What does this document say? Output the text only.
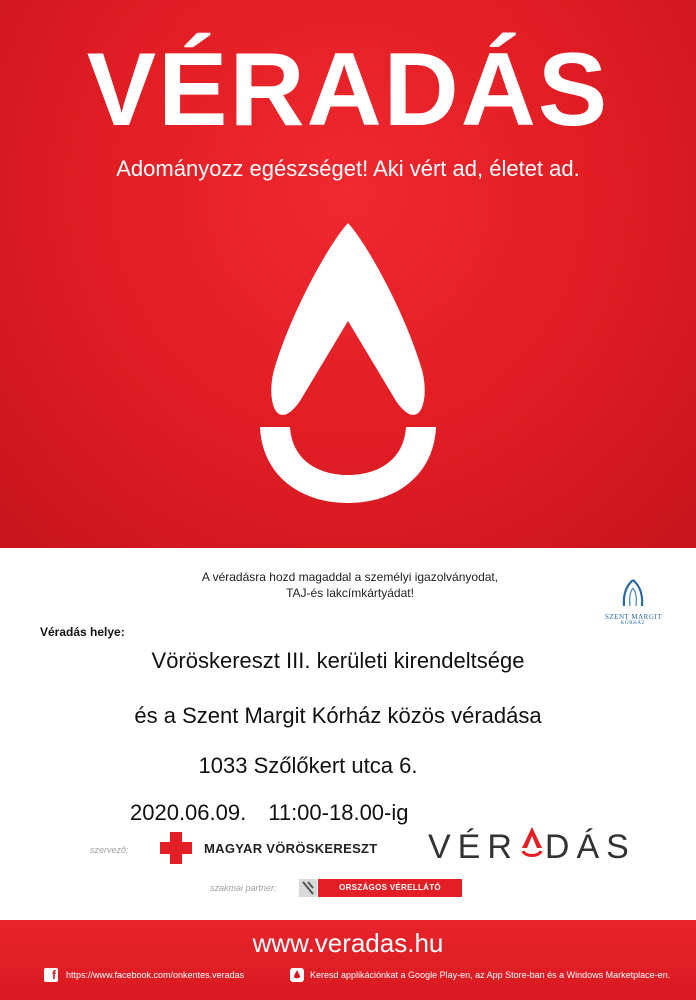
VÉRADÁS
Adományozz egészséget! Aki vért ad, életet ad.
A véradásra hozd magaddal a személyi igazolványodat,
TAJ-és lakcímkártyádat!
SZENT MARGIT
KÓRHÁZ
Véradás helye:
Vöröskereszt III. kerületi kirendeltsége
és a Szent Margit Kórház közös véradása
1033 Szőlőkert utca 6.
2020.06.09. 11:00-18.00-ig
szervező:	MAGYAR VÖRÖSKERESZT VÉR DÁS
szakmai partner:	ORSZÁGOS VÉRELLÁTÓ SZOLGÁLAT
www.veradas.hu
f https://www.facebook.com/onkentes.veradas	Keresd applikációnkat a Google Play-en, az App Store-ban és a Windows Marketplace-en.
